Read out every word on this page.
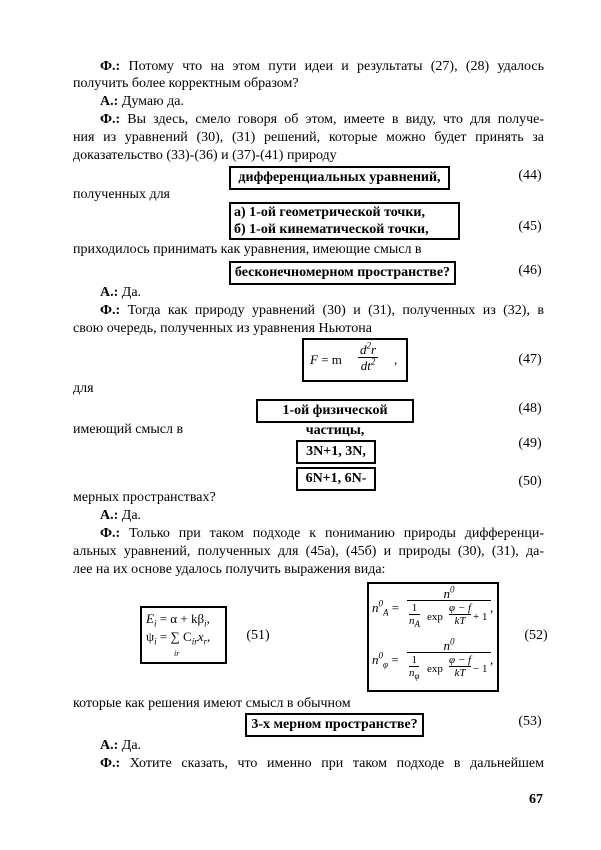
Ф.: Потому что на этом пути идеи и результаты (27), (28) удалось
получить более корректным образом?
А.: Думаю да.
Ф.: Вы здесь, смело говоря об этом, имеете в виду, что для получе-
ния из уравнений (30), (31) решений, которые можно будет принять за
доказательство (33)-(36) и (37)-(41) природу
дифференциальных уравнений,	(44)
полученных для
а) 1-ой геометрической точки,
б) 1-ой кинематической точки,	(45)
приходилось принимать как уравнения, имеющие смысл в
бесконечномерном пространстве?	(46)
А.: Да.
Ф.: Тогда как природу уравнений (30) и (31), полученных из (32), в
свою очередь, полученных из уравнения Ньютона
F = m
$d^2r$
$dt^2$ ,	(47)
для
1-ой физической частицы,
(48)
имеющий смысл в
3N+1, 3N,
(49)
6N+1, 6N-	(50)
мерных пространствах?
А.: Да.
Ф.: Только при таком подходе к пониманию природы дифференци-
альных уравнений, полученных для (45а), (45б) и природы (30), (31), да-
лее на их основе удалось получить выражения вида:
$E_i = \alpha + k\beta_i$,
$\psi_i$ = ∑ $C_{ir}x_r$,
ir
(51)
$n^0_A$ =
$n^0$
1
$n_A$
$\exp \frac{\varphi - f}{kT} + 1$
,
$n^0_\varphi$ =
$n^0$
1
$n_\varphi$
$\exp \frac{\varphi - f}{kT} - 1$
,
(52)
которые как решения имеют смысл в обычном
3-х мерном пространстве?	(53)
А.: Да.
Ф.: Хотите сказать, что именно при таком подходе в дальнейшем
67
